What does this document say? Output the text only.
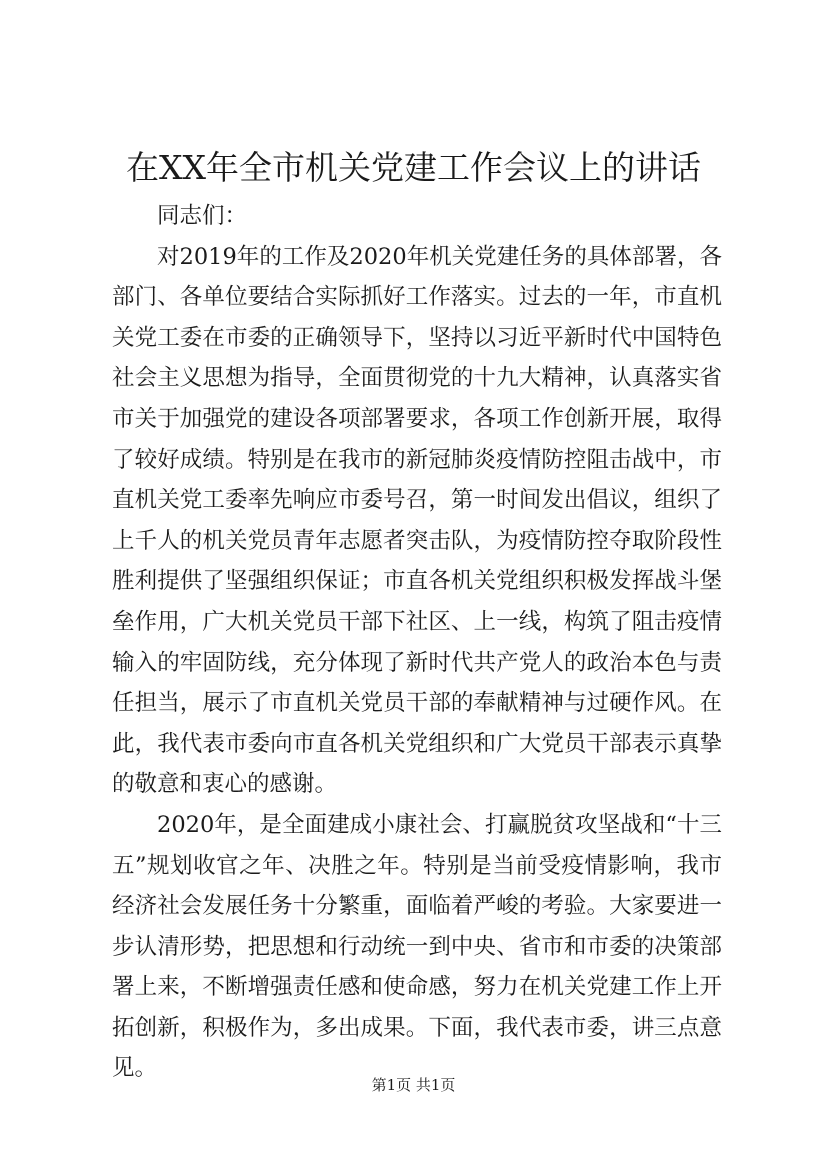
在XX年全市机关党建工作会议上的讲话

同志们：

对2019年的工作及2020年机关党建任务的具体部署，各部门、各单位要结合实际抓好工作落实。过去的一年，市直机关党工委在市委的正确领导下，坚持以习近平新时代中国特色社会主义思想为指导，全面贯彻党的十九大精神，认真落实省市关于加强党的建设各项部署要求，各项工作创新开展，取得了较好成绩。特别是在我市的新冠肺炎疫情防控阻击战中，市直机关党工委率先响应市委号召，第一时间发出倡议，组织了上千人的机关党员青年志愿者突击队，为疫情防控夺取阶段性胜利提供了坚强组织保证；市直各机关党组织积极发挥战斗堡垒作用，广大机关党员干部下社区、上一线，构筑了阻击疫情输入的牢固防线，充分体现了新时代共产党人的政治本色与责任担当，展示了市直机关党员干部的奉献精神与过硬作风。在此，我代表市委向市直各机关党组织和广大党员干部表示真挚的敬意和衷心的感谢。

2020年，是全面建成小康社会、打赢脱贫攻坚战和“十三五”规划收官之年、决胜之年。特别是当前受疫情影响，我市经济社会发展任务十分繁重，面临着严峻的考验。大家要进一步认清形势，把思想和行动统一到中央、省市和市委的决策部署上来，不断增强责任感和使命感，努力在机关党建工作上开拓创新，积极作为，多出成果。下面，我代表市委，讲三点意见。

第1页 共1页
